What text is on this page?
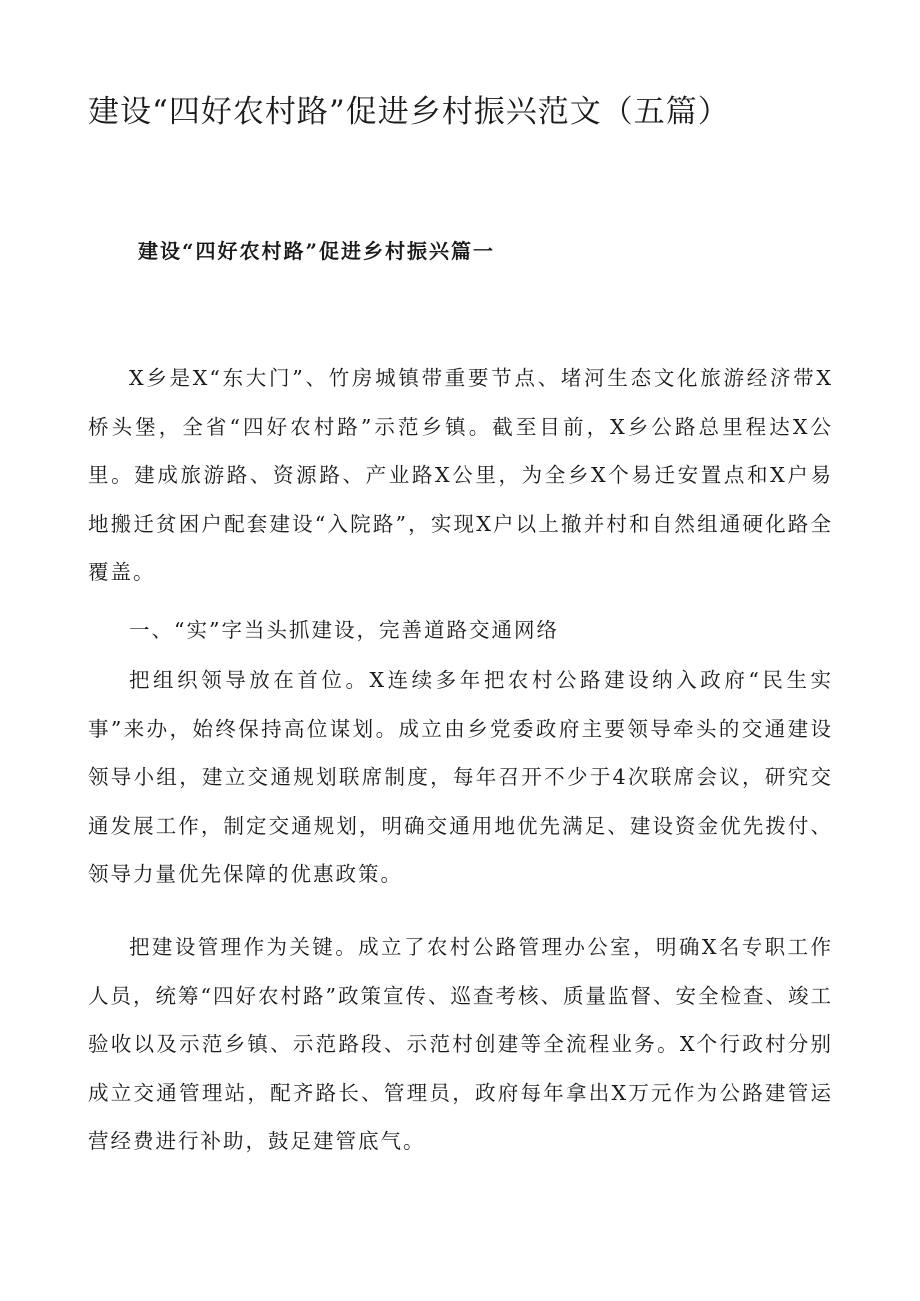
建设“四好农村路”促进乡村振兴范文（五篇）
建设“四好农村路”促进乡村振兴篇一

X乡是X“东大门”、竹房城镇带重要节点、堵河生态文化旅游经济带X桥头堡，全省“四好农村路”示范乡镇。截至目前，X乡公路总里程达X公里。建成旅游路、资源路、产业路X公里，为全乡X个易迁安置点和X户易地搬迁贫困户配套建设“入院路”，实现X户以上撤并村和自然组通硬化路全覆盖。

一、“实”字当头抓建设，完善道路交通网络

把组织领导放在首位。X连续多年把农村公路建设纳入政府“民生实事”来办，始终保持高位谋划。成立由乡党委政府主要领导牵头的交通建设领导小组，建立交通规划联席制度，每年召开不少于4次联席会议，研究交通发展工作，制定交通规划，明确交通用地优先满足、建设资金优先拨付、领导力量优先保障的优惠政策。

把建设管理作为关键。成立了农村公路管理办公室，明确X名专职工作人员，统筹“四好农村路”政策宣传、巡查考核、质量监督、安全检查、竣工验收以及示范乡镇、示范路段、示范村创建等全流程业务。X个行政村分别成立交通管理站，配齐路长、管理员，政府每年拿出X万元作为公路建管运营经费进行补助，鼓足建管底气。
